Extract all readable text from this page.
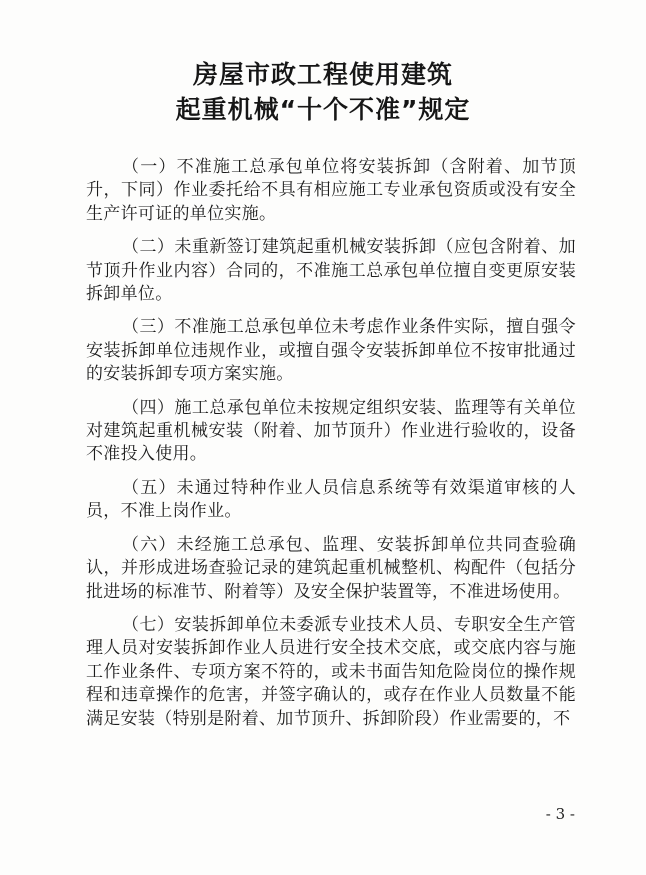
房屋市政工程使用建筑
起重机械“十个不准”规定

（一）不准施工总承包单位将安装拆卸（含附着、加节顶升，下同）作业委托给不具有相应施工专业承包资质或没有安全生产许可证的单位实施。

（二）未重新签订建筑起重机械安装拆卸（应包含附着、加节顶升作业内容）合同的，不准施工总承包单位擅自变更原安装拆卸单位。

（三）不准施工总承包单位未考虑作业条件实际，擅自强令安装拆卸单位违规作业，或擅自强令安装拆卸单位不按审批通过的安装拆卸专项方案实施。

（四）施工总承包单位未按规定组织安装、监理等有关单位对建筑起重机械安装（附着、加节顶升）作业进行验收的，设备不准投入使用。

（五）未通过特种作业人员信息系统等有效渠道审核的人员，不准上岗作业。

（六）未经施工总承包、监理、安装拆卸单位共同查验确认，并形成进场查验记录的建筑起重机械整机、构配件（包括分批进场的标准节、附着等）及安全保护装置等，不准进场使用。

（七）安装拆卸单位未委派专业技术人员、专职安全生产管理人员对安装拆卸作业人员进行安全技术交底，或交底内容与施工作业条件、专项方案不符的，或未书面告知危险岗位的操作规程和违章操作的危害，并签字确认的，或存在作业人员数量不能满足安装（特别是附着、加节顶升、拆卸阶段）作业需要的，不

- 3 -
